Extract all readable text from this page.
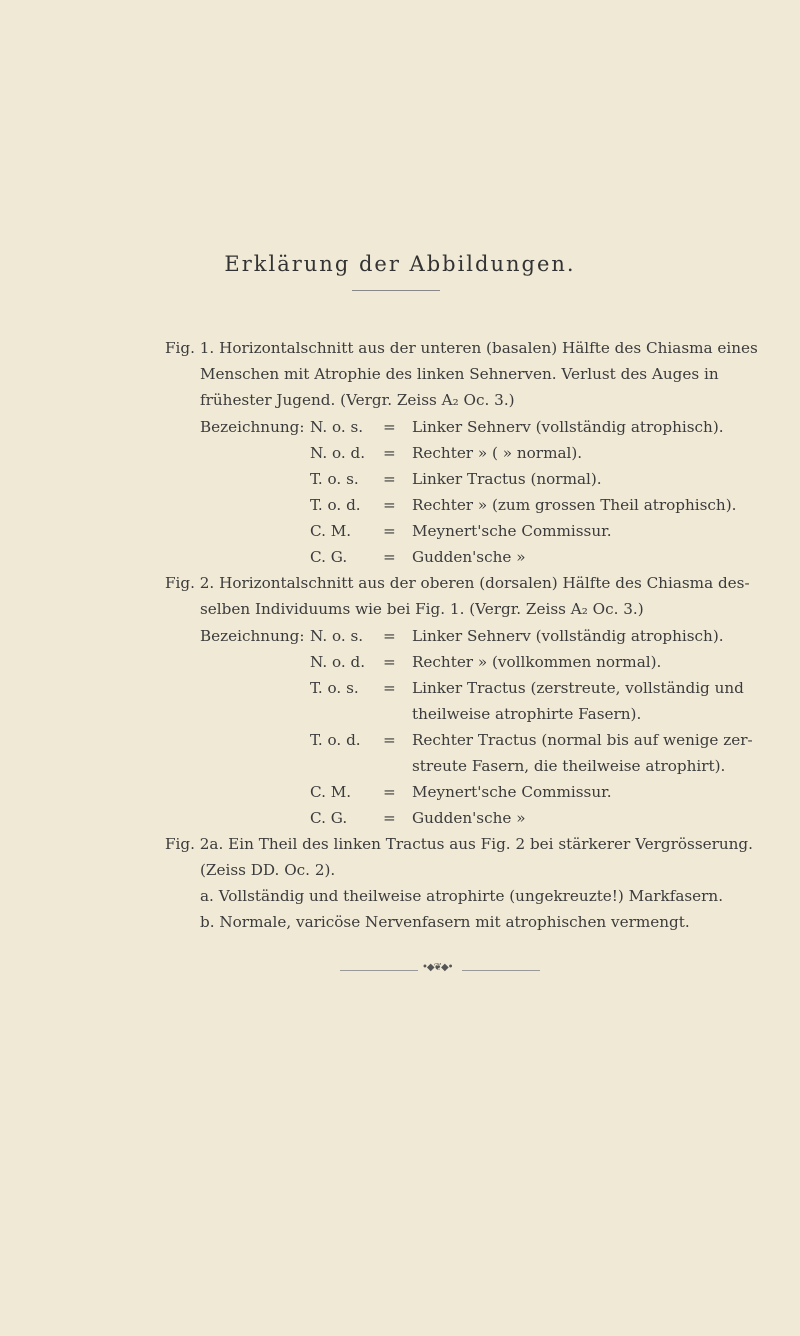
Erklärung der Abbildungen.
Fig. 1. Horizontalschnitt aus der unteren (basalen) Hälfte des Chiasma eines
Menschen mit Atrophie des linken Sehnerven. Verlust des Auges in
frühester Jugend. (Vergr. Zeiss A₂ Oc. 3.)
Bezeichnung: N. o. s. = Linker Sehnerv (vollständig atrophisch).
N. o. d. = Rechter » ( » normal).
T. o. s. = Linker Tractus (normal).
T. o. d. = Rechter » (zum grossen Theil atrophisch).
C. M. = Meynert'sche Commissur.
C. G. = Gudden'sche »
Fig. 2. Horizontalschnitt aus der oberen (dorsalen) Hälfte des Chiasma des-
selben Individuums wie bei Fig. 1. (Vergr. Zeiss A₂ Oc. 3.)
Bezeichnung: N. o. s. = Linker Sehnerv (vollständig atrophisch).
N. o. d. = Rechter » (vollkommen normal).
T. o. s. = Linker Tractus (zerstreute, vollständig und
theilweise atrophirte Fasern).
T. o. d. = Rechter Tractus (normal bis auf wenige zer-
streute Fasern, die theilweise atrophirt).
C. M. = Meynert'sche Commissur.
C. G. = Gudden'sche »
Fig. 2a. Ein Theil des linken Tractus aus Fig. 2 bei stärkerer Vergrösserung.
(Zeiss DD. Oc. 2).
a. Vollständig und theilweise atrophirte (ungekreuzte!) Markfasern.
b. Normale, varicöse Nervenfasern mit atrophischen vermengt.
•◆❦◆•
